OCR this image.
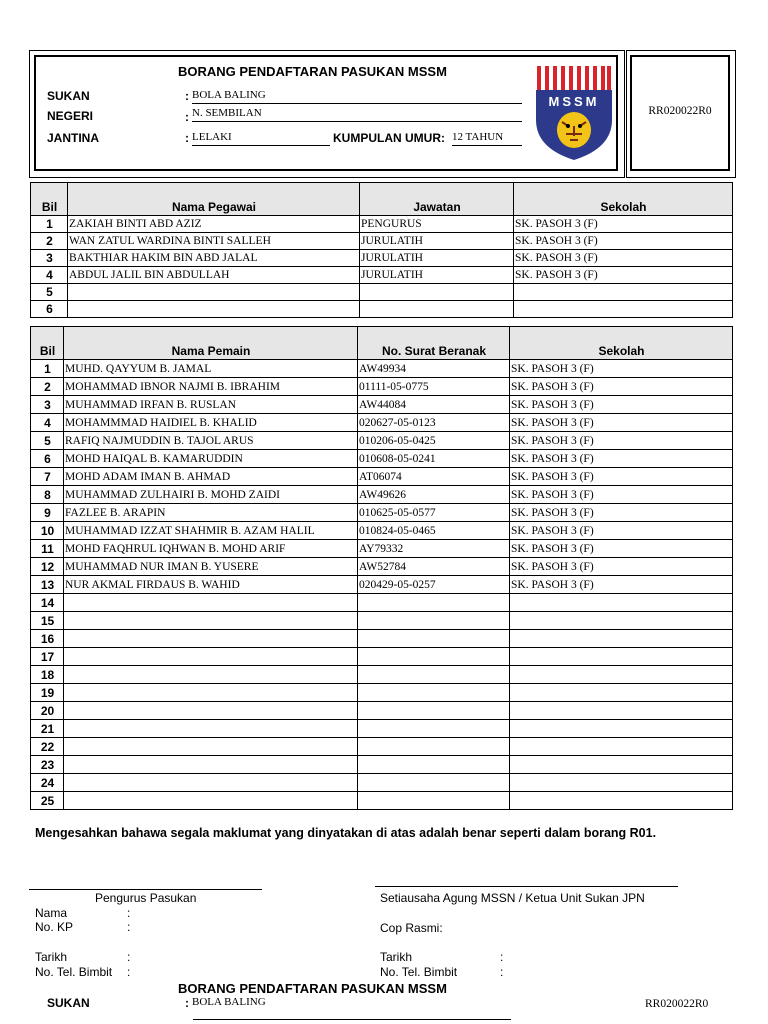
BORANG PENDAFTARAN PASUKAN MSSM
SUKAN	: BOLA BALING
NEGERI	: N. SEMBILAN
JANTINA	: LELAKI	KUMPULAN UMUR: 12 TAHUN
MSSM
RR020022R0
Bil	Nama Pegawai	Jawatan	Sekolah
1	ZAKIAH BINTI ABD AZIZ	PENGURUS	SK. PASOH 3 (F)
2	WAN ZATUL WARDINA BINTI SALLEH	JURULATIH	SK. PASOH 3 (F)
3	BAKTHIAR HAKIM BIN ABD JALAL	JURULATIH	SK. PASOH 3 (F)
4	ABDUL JALIL BIN ABDULLAH	JURULATIH	SK. PASOH 3 (F)
5			
6			
Bil	Nama Pemain	No. Surat Beranak	Sekolah
1	MUHD. QAYYUM B. JAMAL	AW49934	SK. PASOH 3 (F)
2	MOHAMMAD IBNOR NAJMI B. IBRAHIM	01111-05-0775	SK. PASOH 3 (F)
3	MUHAMMAD IRFAN B. RUSLAN	AW44084	SK. PASOH 3 (F)
4	MOHAMMMAD HAIDIEL B. KHALID	020627-05-0123	SK. PASOH 3 (F)
5	RAFIQ NAJMUDDIN B. TAJOL ARUS	010206-05-0425	SK. PASOH 3 (F)
6	MOHD HAIQAL B. KAMARUDDIN	010608-05-0241	SK. PASOH 3 (F)
7	MOHD ADAM IMAN B. AHMAD	AT06074	SK. PASOH 3 (F)
8	MUHAMMAD ZULHAIRI B. MOHD ZAIDI	AW49626	SK. PASOH 3 (F)
9	FAZLEE B. ARAPIN	010625-05-0577	SK. PASOH 3 (F)
10	MUHAMMAD IZZAT SHAHMIR B. AZAM HALIL	010824-05-0465	SK. PASOH 3 (F)
11	MOHD FAQHRUL IQHWAN B. MOHD ARIF	AY79332	SK. PASOH 3 (F)
12	MUHAMMAD NUR IMAN B. YUSERE	AW52784	SK. PASOH 3 (F)
13	NUR AKMAL FIRDAUS B. WAHID	020429-05-0257	SK. PASOH 3 (F)
14			
15			
16			
17			
18			
19			
20			
21			
22			
23			
24			
25			
Mengesahkan bahawa segala maklumat yang dinyatakan di atas adalah benar seperti dalam borang R01.
Pengurus Pasukan	Setiausaha Agung MSSN / Ketua Unit Sukan JPN
Nama	:
No. KP	:	Cop Rasmi:
Tarikh	:
No. Tel. Bimbit :
Tarikh	:
No. Tel. Bimbit	:
BORANG PENDAFTARAN PASUKAN MSSM
SUKAN	: BOLA BALING	RR020022R0
